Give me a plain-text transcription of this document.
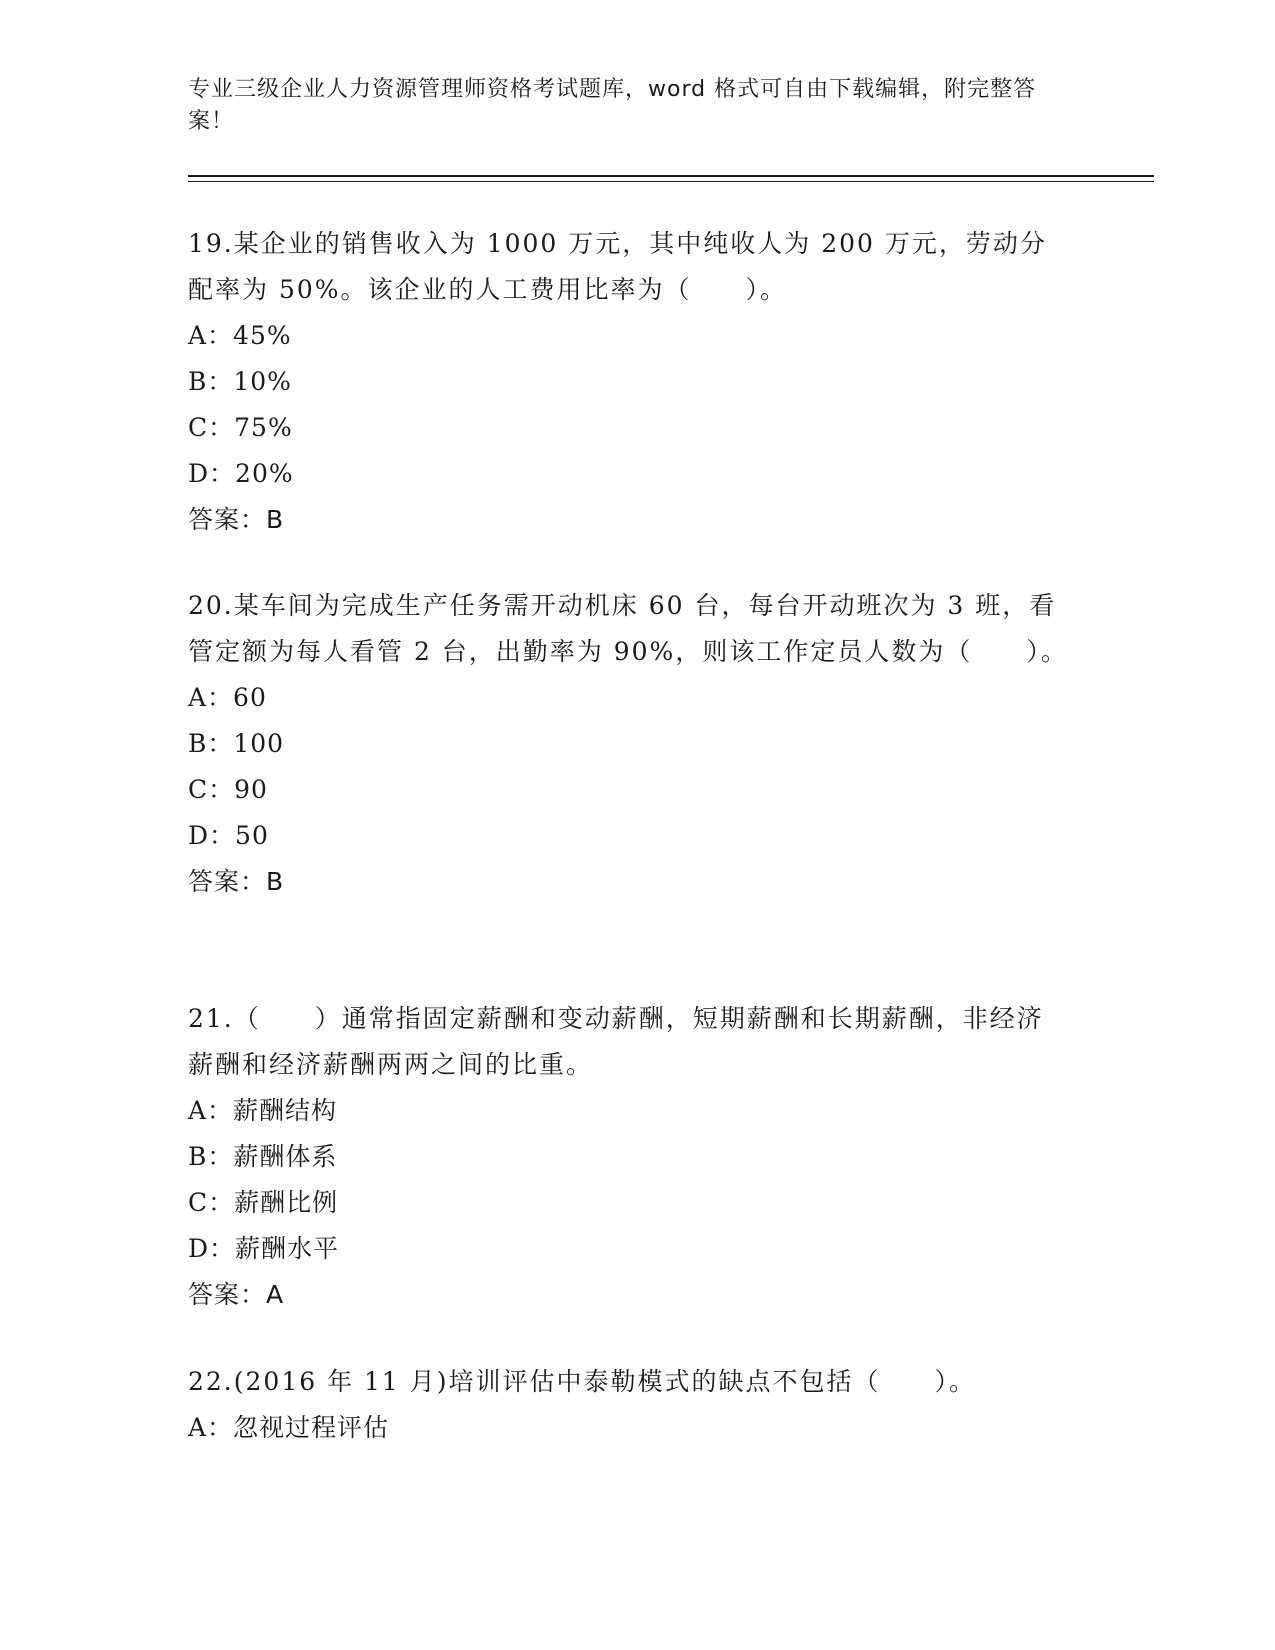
专业三级企业人力资源管理师资格考试题库，word 格式可自由下载编辑，附完整答案！

19.某企业的销售收入为 1000 万元，其中纯收人为 200 万元，劳动分配率为 50%。该企业的人工费用比率为（　　）。

A：45%

B：10%

C：75%

D：20%

答案：B

20.某车间为完成生产任务需开动机床 60 台，每台开动班次为 3 班，看管定额为每人看管 2 台，出勤率为 90%，则该工作定员人数为（　　）。

A：60

B：100

C：90

D：50

答案：B

21.（　　）通常指固定薪酬和变动薪酬，短期薪酬和长期薪酬，非经济薪酬和经济薪酬两两之间的比重。

A：薪酬结构

B：薪酬体系

C：薪酬比例

D：薪酬水平

答案：A

22.(2016 年 11 月)培训评估中泰勒模式的缺点不包括（　　）。

A：忽视过程评估
